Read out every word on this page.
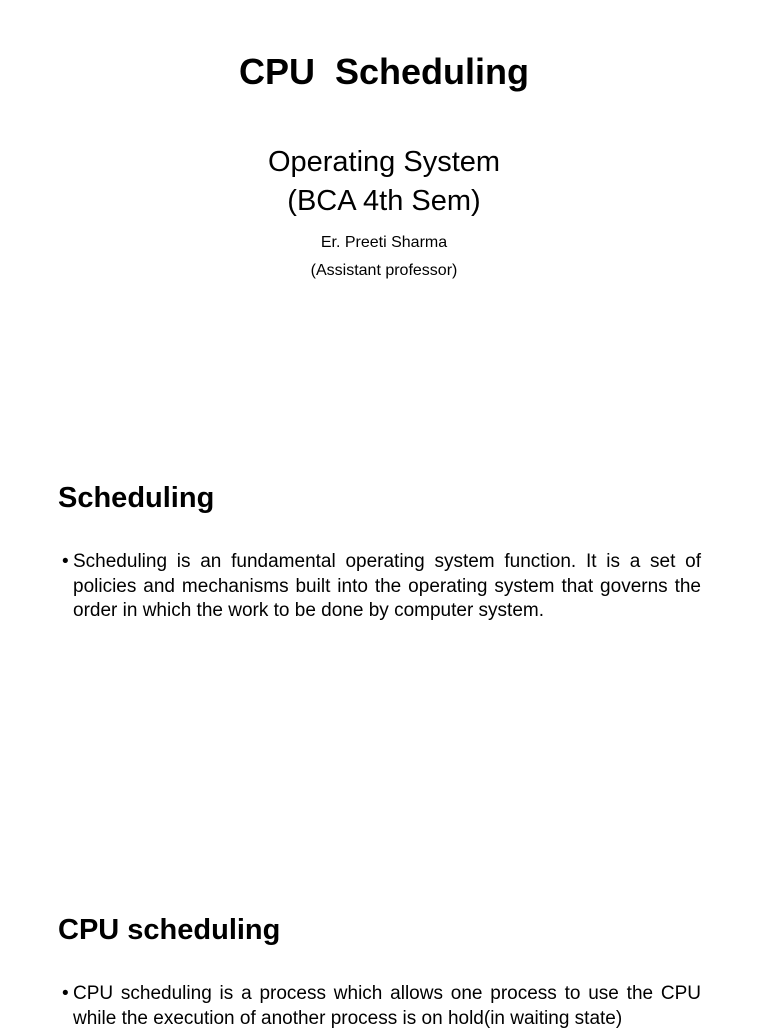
CPU  Scheduling
Operating System
(BCA 4th Sem)
Er. Preeti Sharma
(Assistant professor)
Scheduling
• Scheduling is an fundamental operating system function. It is a set of policies and mechanisms built into the operating system that governs the order in which the work to be done by computer system.
CPU scheduling
• CPU scheduling is a process which allows one process to use the CPU while the execution of another process is on hold(in waiting state)
